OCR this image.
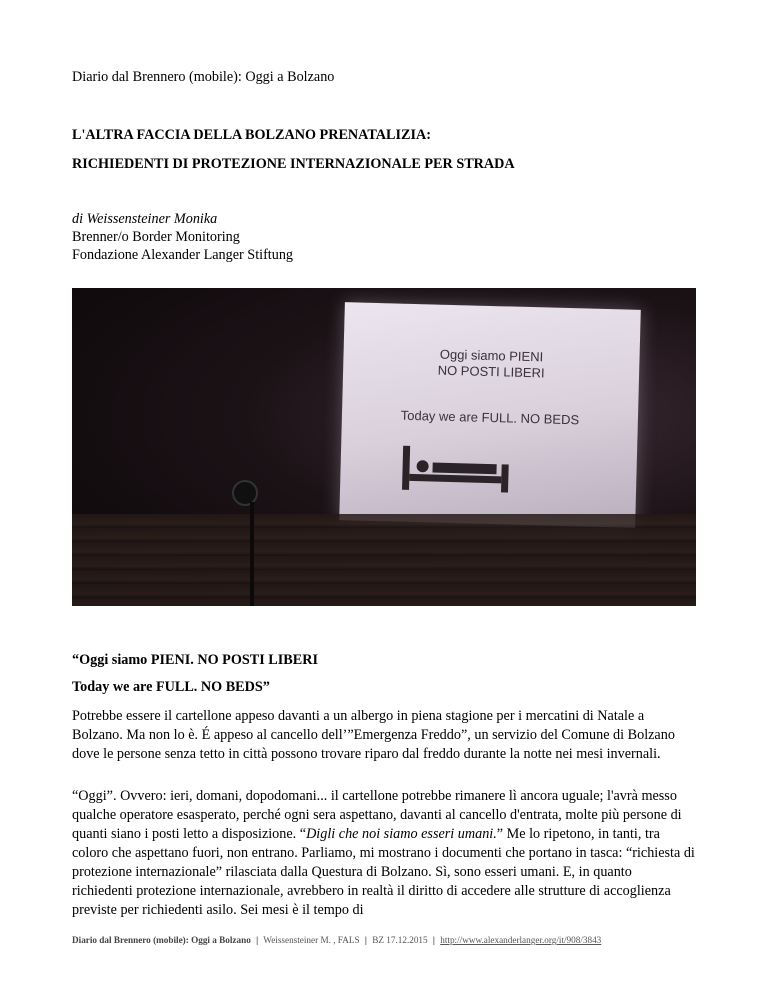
Diario dal Brennero (mobile): Oggi a Bolzano
L'ALTRA FACCIA DELLA BOLZANO PRENATALIZIA:
RICHIEDENTI DI PROTEZIONE INTERNAZIONALE PER STRADA
di Weissensteiner Monika
Brenner/o Border Monitoring
Fondazione Alexander Langer Stiftung
Oggi siamo PIENI
NO POSTI LIBERI
Today we are FULL. NO BEDS
“Oggi siamo PIENI. NO POSTI LIBERI
Today we are FULL. NO BEDS”
Potrebbe essere il cartellone appeso davanti a un albergo in piena stagione per i mercatini di Natale a Bolzano. Ma non lo è. É appeso al cancello dell’”Emergenza Freddo”, un servizio del Comune di Bolzano dove le persone senza tetto in città possono trovare riparo dal freddo durante la notte nei mesi invernali.
“Oggi”. Ovvero: ieri, domani, dopodomani... il cartellone potrebbe rimanere lì ancora uguale; l'avrà messo qualche operatore esasperato, perché ogni sera aspettano, davanti al cancello d'entrata, molte più persone di quanti siano i posti letto a disposizione. “Digli che noi siamo esseri umani.” Me lo ripetono, in tanti, tra coloro che aspettano fuori, non entrano. Parliamo, mi mostrano i documenti che portano in tasca: “richiesta di protezione internazionale” rilasciata dalla Questura di Bolzano. Sì, sono esseri umani. E, in quanto richiedenti protezione internazionale, avrebbero in realtà il diritto di accedere alle strutture di accoglienza previste per richiedenti asilo. Sei mesi è il tempo di
Diario dal Brennero (mobile): Oggi a Bolzano | Weissensteiner M. , FALS | BZ 17.12.2015 | http://www.alexanderlanger.org/it/908/3843
